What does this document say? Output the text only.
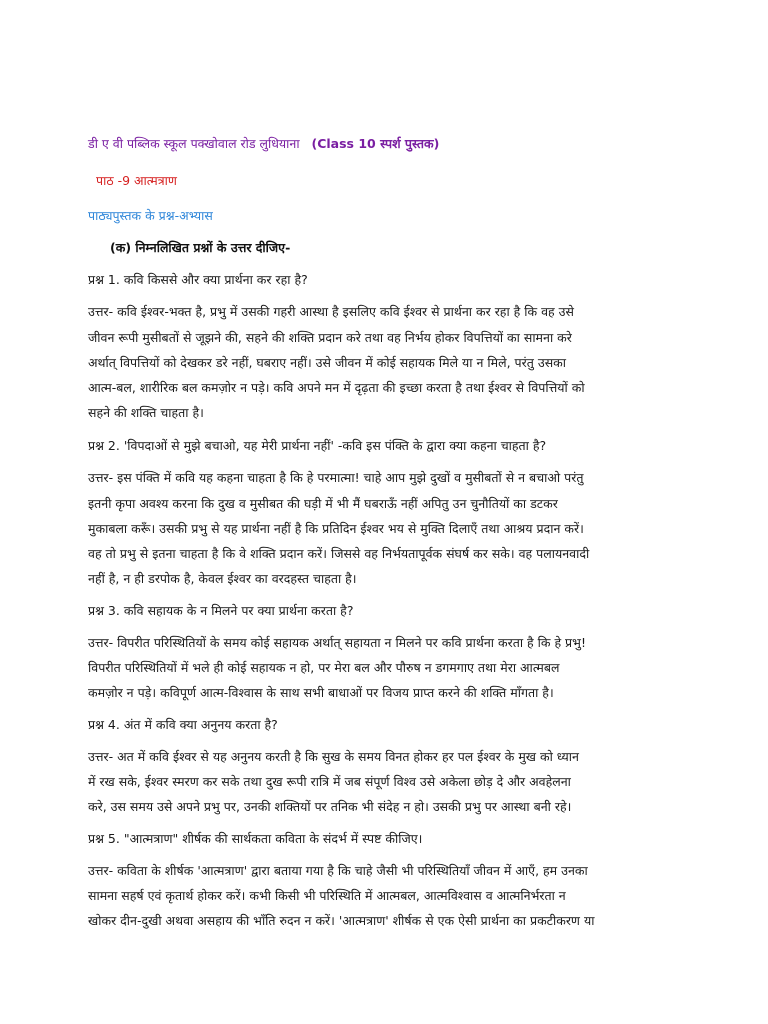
डी ए वी पब्लिक स्कूल पक्खोवाल रोड लुधियाना (Class 10 स्पर्श पुस्तक)
पाठ -9 आत्मत्राण
पाठ्यपुस्तक के प्रश्न-अभ्यास
(क) निम्नलिखित प्रश्नों के उत्तर दीजिए-
प्रश्न 1. कवि किससे और क्या प्रार्थना कर रहा है?
उत्तर- कवि ईश्वर-भक्त है, प्रभु में उसकी गहरी आस्था है इसलिए कवि ईश्वर से प्रार्थना कर रहा है कि वह उसे
जीवन रूपी मुसीबतों से जूझने की, सहने की शक्ति प्रदान करे तथा वह निर्भय होकर विपत्तियों का सामना करे
अर्थात् विपत्तियों को देखकर डरे नहीं, घबराए नहीं। उसे जीवन में कोई सहायक मिले या न मिले, परंतु उसका
आत्म-बल, शारीरिक बल कमज़ोर न पड़े। कवि अपने मन में दृढ़ता की इच्छा करता है तथा ईश्वर से विपत्तियों को
सहने की शक्ति चाहता है।
प्रश्न 2. 'विपदाओं से मुझे बचाओ, यह मेरी प्रार्थना नहीं' -कवि इस पंक्ति के द्वारा क्या कहना चाहता है?
उत्तर- इस पंक्ति में कवि यह कहना चाहता है कि हे परमात्मा! चाहे आप मुझे दुखों व मुसीबतों से न बचाओ परंतु
इतनी कृपा अवश्य करना कि दुख व मुसीबत की घड़ी में भी मैं घबराऊँ नहीं अपितु उन चुनौतियों का डटकर
मुकाबला करूँ। उसकी प्रभु से यह प्रार्थना नहीं है कि प्रतिदिन ईश्वर भय से मुक्ति दिलाएँ तथा आश्रय प्रदान करें।
वह तो प्रभु से इतना चाहता है कि वे शक्ति प्रदान करें। जिससे वह निर्भयतापूर्वक संघर्ष कर सके। वह पलायनवादी
नहीं है, न ही डरपोक है, केवल ईश्वर का वरदहस्त चाहता है।
प्रश्न 3. कवि सहायक के न मिलने पर क्या प्रार्थना करता है?
उत्तर- विपरीत परिस्थितियों के समय कोई सहायक अर्थात् सहायता न मिलने पर कवि प्रार्थना करता है कि हे प्रभु!
विपरीत परिस्थितियों में भले ही कोई सहायक न हो, पर मेरा बल और पौरुष न डगमगाए तथा मेरा आत्मबल
कमज़ोर न पड़े। कविपूर्ण आत्म-विश्वास के साथ सभी बाधाओं पर विजय प्राप्त करने की शक्ति माँगता है।
प्रश्न 4. अंत में कवि क्या अनुनय करता है?
उत्तर- अत में कवि ईश्वर से यह अनुनय करती है कि सुख के समय विनत होकर हर पल ईश्वर के मुख को ध्यान
में रख सके, ईश्वर स्मरण कर सके तथा दुख रूपी रात्रि में जब संपूर्ण विश्व उसे अकेला छोड़ दे और अवहेलना
करे, उस समय उसे अपने प्रभु पर, उनकी शक्तियों पर तनिक भी संदेह न हो। उसकी प्रभु पर आस्था बनी रहे।
प्रश्न 5. "आत्मत्राण" शीर्षक की सार्थकता कविता के संदर्भ में स्पष्ट कीजिए।
उत्तर- कविता के शीर्षक 'आत्मत्राण' द्वारा बताया गया है कि चाहे जैसी भी परिस्थितियाँ जीवन में आएँ, हम उनका
सामना सहर्ष एवं कृतार्थ होकर करें। कभी किसी भी परिस्थिति में आत्मबल, आत्मविश्वास व आत्मनिर्भरता न
खोकर दीन-दुखी अथवा असहाय की भाँति रुदन न करें। 'आत्मत्राण' शीर्षक से एक ऐसी प्रार्थना का प्रकटीकरण या
